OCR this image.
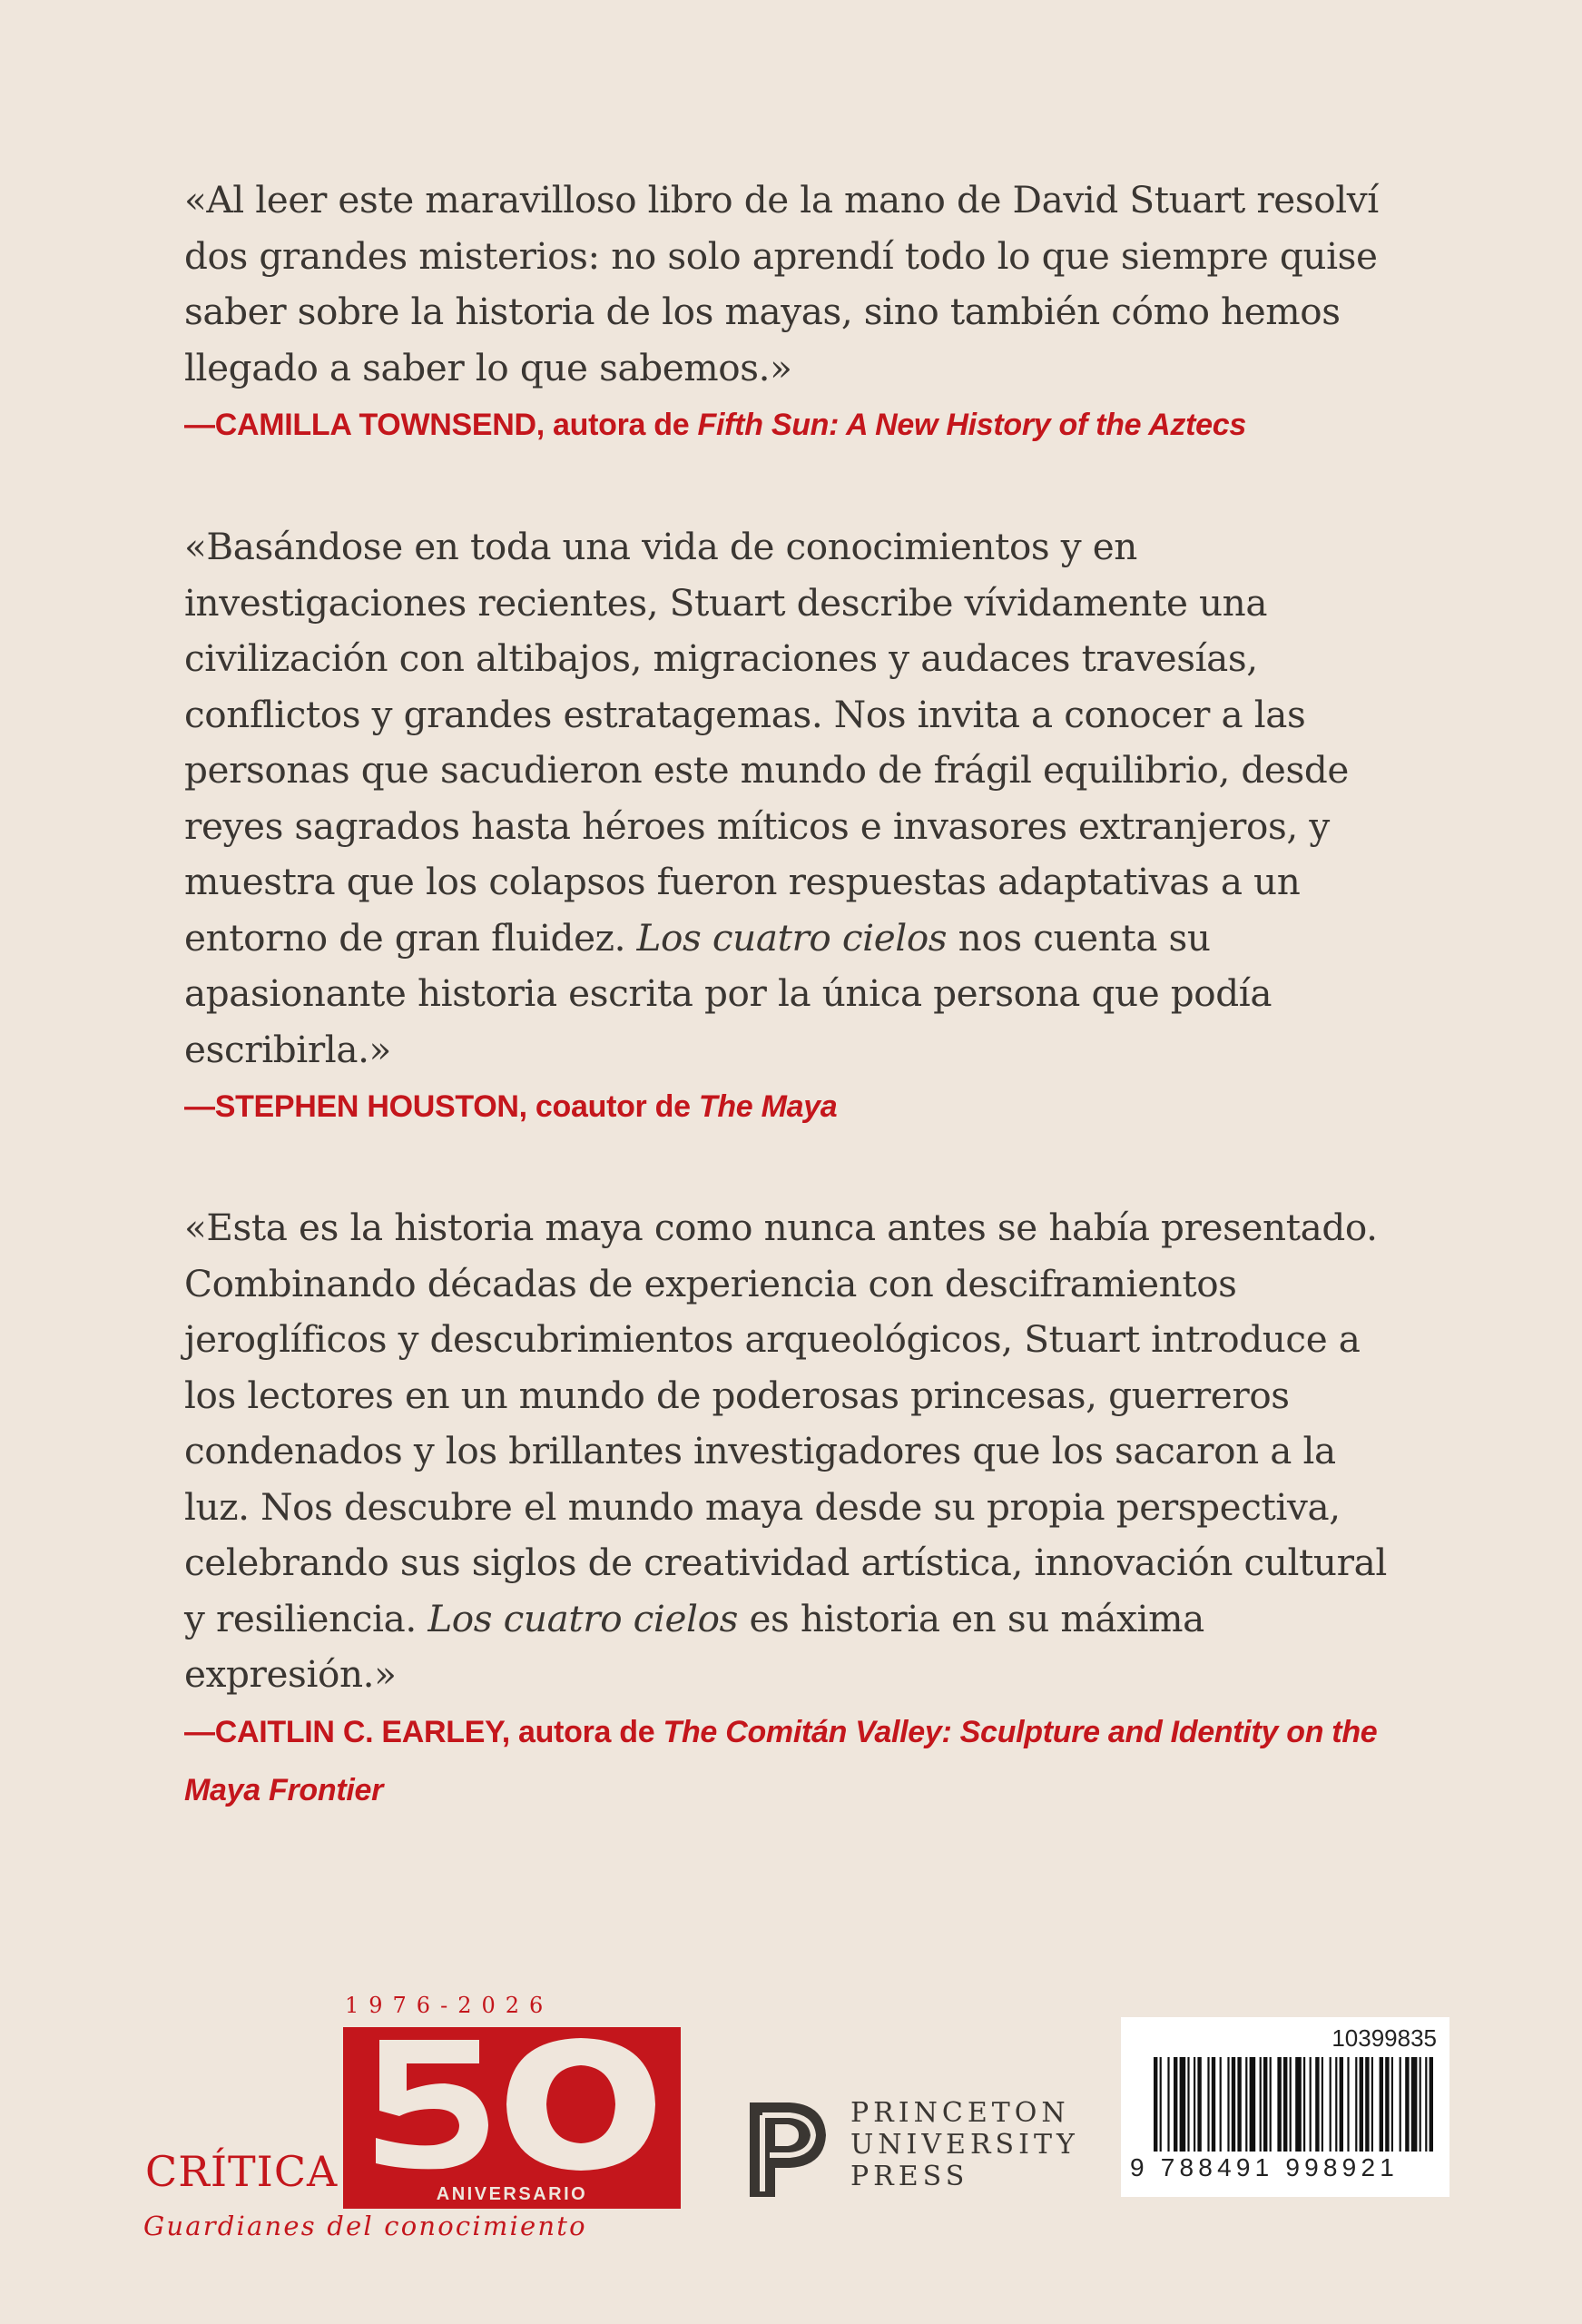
«Al leer este maravilloso libro de la mano de David Stuart resolví dos grandes misterios: no solo aprendí todo lo que siempre quise saber sobre la historia de los mayas, sino también cómo hemos llegado a saber lo que sabemos.»

—CAMILLA TOWNSEND, autora de Fifth Sun: A New History of the Aztecs

«Basándose en toda una vida de conocimientos y en investigaciones recientes, Stuart describe vívidamente una civilización con altibajos, migraciones y audaces travesías, conflictos y grandes estratagemas. Nos invita a conocer a las personas que sacudieron este mundo de frágil equilibrio, desde reyes sagrados hasta héroes míticos e invasores extranjeros, y muestra que los colapsos fueron respuestas adaptativas a un entorno de gran fluidez. Los cuatro cielos nos cuenta su apasionante historia escrita por la única persona que podía escribirla.»

—STEPHEN HOUSTON, coautor de The Maya

«Esta es la historia maya como nunca antes se había presentado. Combinando décadas de experiencia con desciframientos jeroglíficos y descubrimientos arqueológicos, Stuart introduce a los lectores en un mundo de poderosas princesas, guerreros condenados y los brillantes investigadores que los sacaron a la luz. Nos descubre el mundo maya desde su propia perspectiva, celebrando sus siglos de creatividad artística, innovación cultural y resiliencia. Los cuatro cielos es historia en su máxima expresión.»

—CAITLIN C. EARLEY, autora de The Comitán Valley: Sculpture and Identity on the Maya Frontier

1976-2026
ANIVERSARIO
CRÍTICA
Guardianes del conocimiento
PRINCETON
UNIVERSITY
PRESS
10399835
9 788491 998921
